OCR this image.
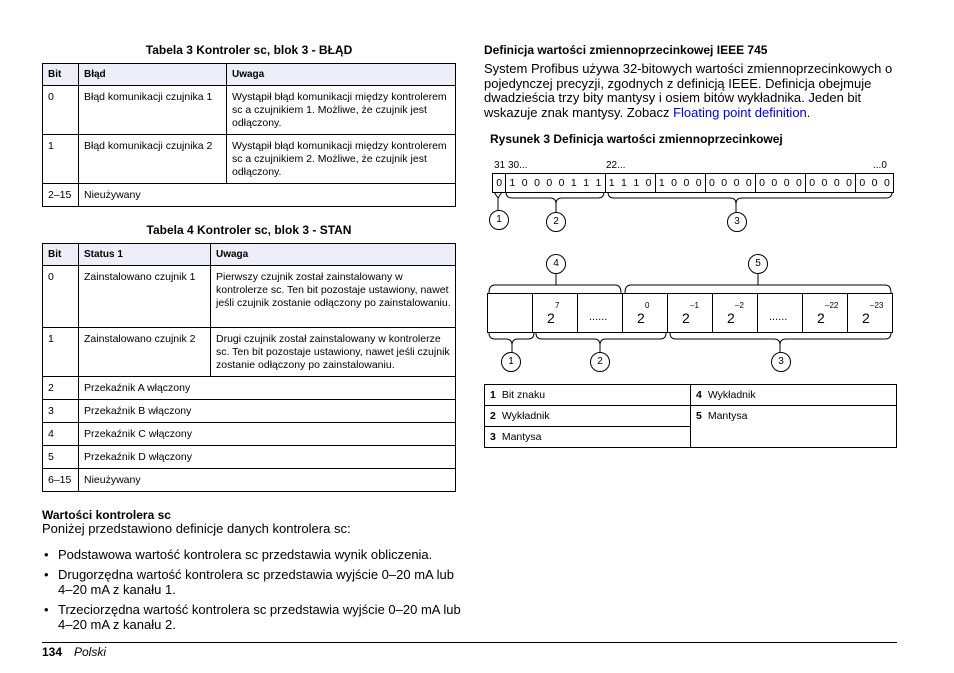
Tabela 3 Kontroler sc, blok 3 - BŁĄD
Bit	Błąd	Uwaga
0	Błąd komunikacji czujnika 1	Wystąpił błąd komunikacji między kontrolerem sc a czujnikiem 1. Możliwe, że czujnik jest odłączony.
1	Błąd komunikacji czujnika 2	Wystąpił błąd komunikacji między kontrolerem sc a czujnikiem 2. Możliwe, że czujnik jest odłączony.
2–15	Nieużywany	
Tabela 4 Kontroler sc, blok 3 - STAN
Bit	Status 1	Uwaga
0	Zainstalowano czujnik 1	Pierwszy czujnik został zainstalowany w kontrolerze sc. Ten bit pozostaje ustawiony, nawet jeśli czujnik zostanie odłączony po zainstalowaniu.
1	Zainstalowano czujnik 2	Drugi czujnik został zainstalowany w kontrolerze sc. Ten bit pozostaje ustawiony, nawet jeśli czujnik zostanie odłączony po zainstalowaniu.
2	Przekaźnik A włączony	
3	Przekaźnik B włączony	
4	Przekaźnik C włączony	
5	Przekaźnik D włączony	
6–15	Nieużywany	
Wartości kontrolera sc
Poniżej przedstawiono definicje danych kontrolera sc:
• Podstawowa wartość kontrolera sc przedstawia wynik obliczenia.
• Drugorzędna wartość kontrolera sc przedstawia wyjście 0–20 mA lub 4–20 mA z kanału 1.
• Trzeciorzędna wartość kontrolera sc przedstawia wyjście 0–20 mA lub 4–20 mA z kanału 2.
Definicja wartości zmiennoprzecinkowej IEEE 745
System Profibus używa 32-bitowych wartości zmiennoprzecinkowych o pojedynczej precyzji, zgodnych z definicją IEEE. Definicja obejmuje dwadzieścia trzy bity mantysy i osiem bitów wykładnika. Jeden bit wskazuje znak mantysy. Zobacz Floating point definition.
Rysunek 3 Definicja wartości zmiennoprzecinkowej
31 30...	22...	...0
0 1 0 0 0 0 1 1 1 1 1 1 0 1 0 0 0 0 0 0 0 0 0 0 0 0 0 0 0 0 0 0
1	2	3
4	5
2
7
...... 2
0
2
–1
2
–2
...... 2
–22
2
–23
1	2	3
1 Bit znaku	4 Wykładnik
2 Wykładnik	5 Mantysa
3 Mantysa	
134 Polski
